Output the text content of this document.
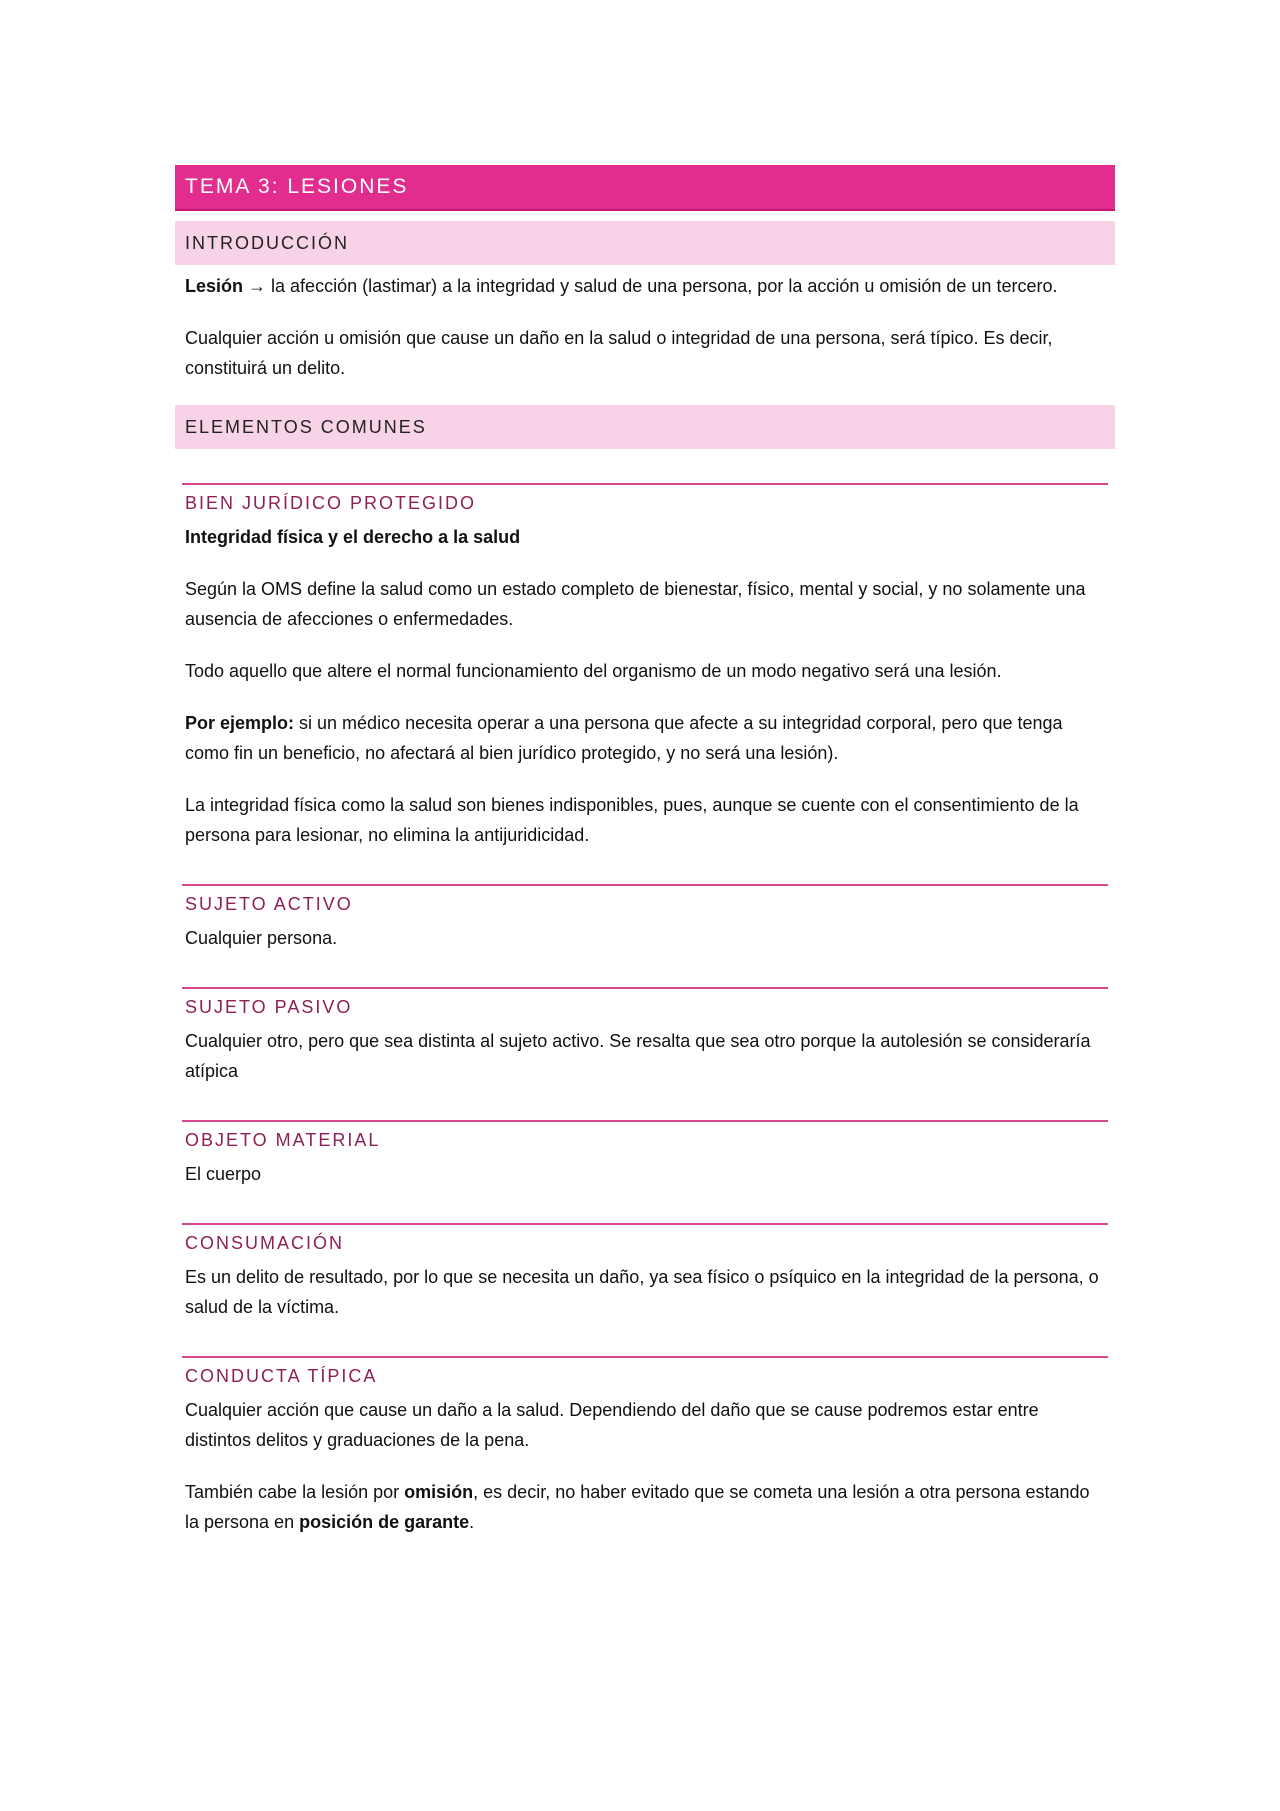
TEMA 3: LESIONES
INTRODUCCIÓN

Lesión → la afección (lastimar) a la integridad y salud de una persona, por la acción u omisión de un tercero.

Cualquier acción u omisión que cause un daño en la salud o integridad de una persona, será típico. Es decir, constituirá un delito.

ELEMENTOS COMUNES
BIEN JURÍDICO PROTEGIDO

Integridad física y el derecho a la salud

Según la OMS define la salud como un estado completo de bienestar, físico, mental y social, y no solamente una ausencia de afecciones o enfermedades.

Todo aquello que altere el normal funcionamiento del organismo de un modo negativo será una lesión.

Por ejemplo: si un médico necesita operar a una persona que afecte a su integridad corporal, pero que tenga como fin un beneficio, no afectará al bien jurídico protegido, y no será una lesión).

La integridad física como la salud son bienes indisponibles, pues, aunque se cuente con el consentimiento de la persona para lesionar, no elimina la antijuridicidad.

SUJETO ACTIVO

Cualquier persona.

SUJETO PASIVO

Cualquier otro, pero que sea distinta al sujeto activo. Se resalta que sea otro porque la autolesión se consideraría atípica

OBJETO MATERIAL

El cuerpo

CONSUMACIÓN

Es un delito de resultado, por lo que se necesita un daño, ya sea físico o psíquico en la integridad de la persona, o salud de la víctima.

CONDUCTA TÍPICA

Cualquier acción que cause un daño a la salud. Dependiendo del daño que se cause podremos estar entre distintos delitos y graduaciones de la pena.

También cabe la lesión por omisión, es decir, no haber evitado que se cometa una lesión a otra persona estando la persona en posición de garante.
